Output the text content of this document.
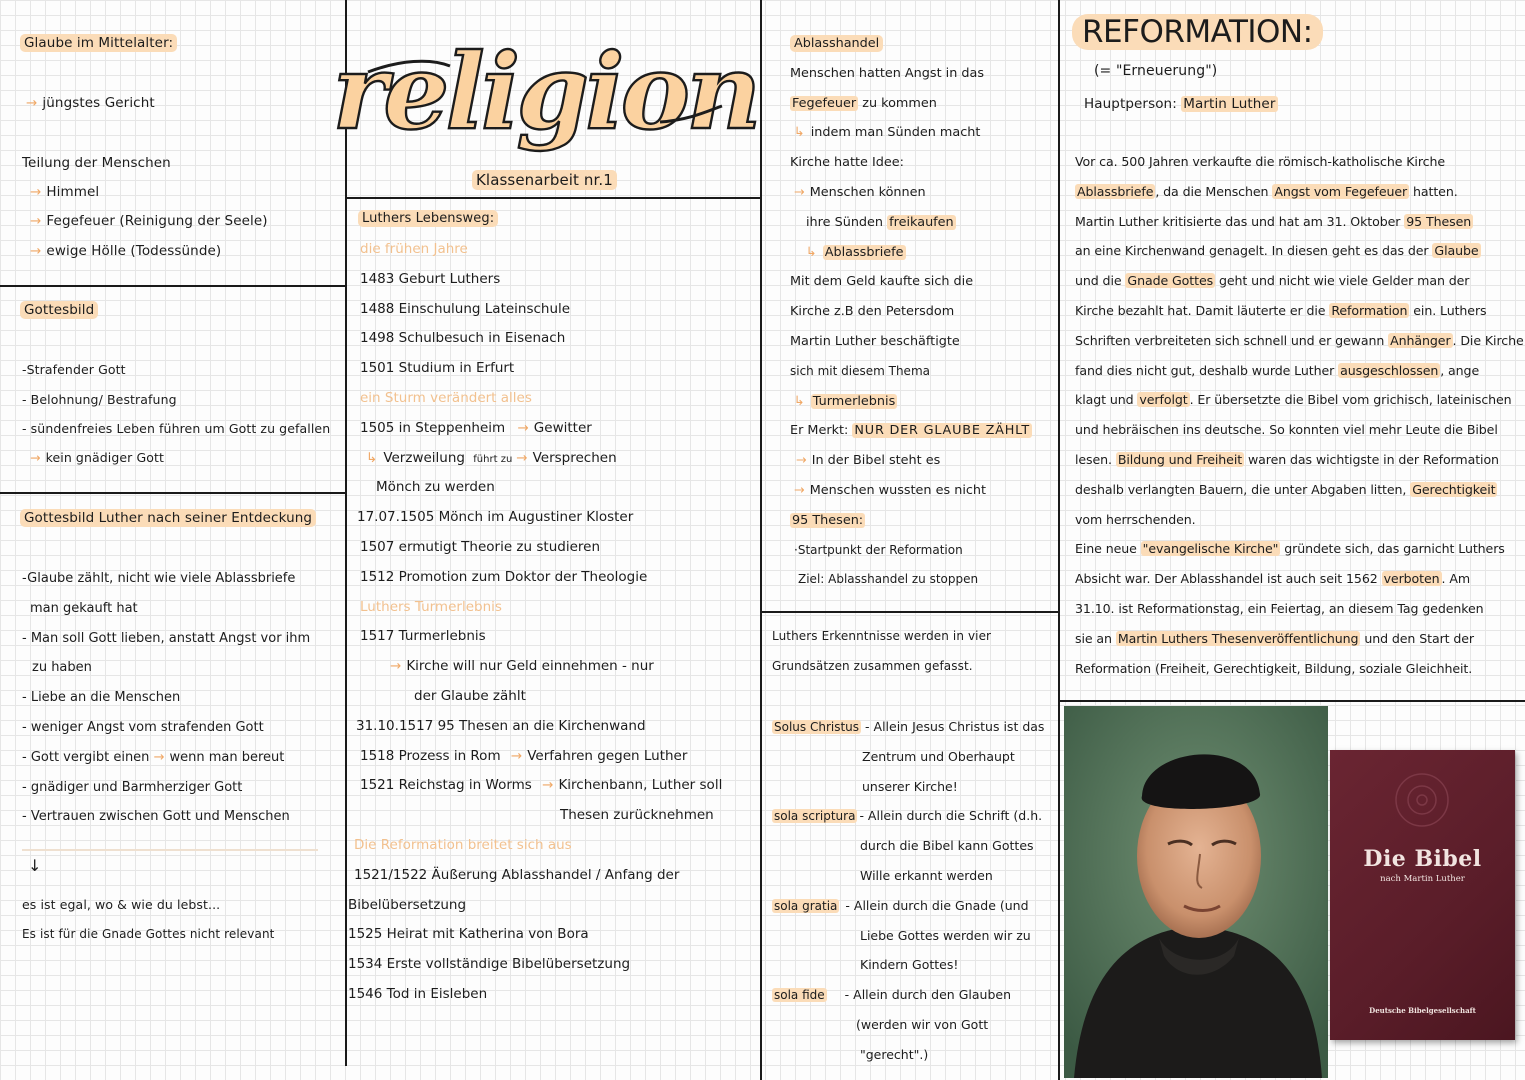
Glaube im Mittelalter:
→ jüngstes Gericht
Teilung der Menschen
→ Himmel
→ Fegefeuer (Reinigung der Seele)
→ ewige Hölle (Todessünde)
Gottesbild
-Strafender Gott
- Belohnung/ Bestrafung
- sündenfreies Leben führen um Gott zu gefallen
→ kein gnädiger Gott
Gottesbild Luther nach seiner Entdeckung
-Glaube zählt, nicht wie viele Ablassbriefe
man gekauft hat
- Man soll Gott lieben, anstatt Angst vor ihm
zu haben
- Liebe an die Menschen
- weniger Angst vom strafenden Gott
- Gott vergibt einen → wenn man bereut
- gnädiger und Barmherziger Gott
- Vertrauen zwischen Gott und Menschen
↓
es ist egal, wo & wie du lebst...
Es ist für die Gnade Gottes nicht relevant
religion
Klassenarbeit nr.1
Luthers Lebensweg:
die frühen Jahre
1483 Geburt Luthers
1488 Einschulung Lateinschule
1498 Schulbesuch in Eisenach
1501 Studium in Erfurt
ein Sturm verändert alles
1505 in Steppenheim → Gewitter
↳ Verzweilung führt zu → Versprechen
Mönch zu werden
17.07.1505 Mönch im Augustiner Kloster
1507 ermutigt Theorie zu studieren
1512 Promotion zum Doktor der Theologie
Luthers Turmerlebnis
1517 Turmerlebnis
→ Kirche will nur Geld einnehmen - nur
der Glaube zählt
31.10.1517 95 Thesen an die Kirchenwand
1518 Prozess in Rom → Verfahren gegen Luther
1521 Reichstag in Worms → Kirchenbann, Luther soll
Thesen zurücknehmen
Die Reformation breitet sich aus
1521/1522 Äußerung Ablasshandel / Anfang der
Bibelübersetzung
1525 Heirat mit Katherina von Bora
1534 Erste vollständige Bibelübersetzung
1546 Tod in Eisleben
Ablasshandel
Menschen hatten Angst in das
Fegefeuer zu kommen
↳ indem man Sünden macht
Kirche hatte Idee:
→ Menschen können
ihre Sünden freikaufen
↳ Ablassbriefe
Mit dem Geld kaufte sich die
Kirche z.B den Petersdom
Martin Luther beschäftigte
sich mit diesem Thema
↳ Turmerlebnis
Er Merkt: NUR DER GLAUBE ZÄHLT
→ In der Bibel steht es
→ Menschen wussten es nicht
95 Thesen:
·Startpunkt der Reformation
Ziel: Ablasshandel zu stoppen
Luthers Erkenntnisse werden in vier
Grundsätzen zusammen gefasst.
Solus Christus - Allein Jesus Christus ist das
Zentrum und Oberhaupt
unserer Kirche!
sola scriptura - Allein durch die Schrift (d.h.
durch die Bibel kann Gottes
Wille erkannt werden
sola gratia - Allein durch die Gnade (und
Liebe Gottes werden wir zu
Kindern Gottes!
sola fide - Allein durch den Glauben
(werden wir von Gott
"gerecht".)
REFORMATION:
(= "Erneuerung")
Hauptperson: Martin Luther
Vor ca. 500 Jahren verkaufte die römisch-katholische Kirche
Ablassbriefe , da die Menschen Angst vom Fegefeuer hatten.
Martin Luther kritisierte das und hat am 31. Oktober 95 Thesen
an eine Kirchenwand genagelt. In diesen geht es das der Glaube
und die Gnade Gottes geht und nicht wie viele Gelder man der
Kirche bezahlt hat. Damit läuterte er die Reformation ein. Luthers
Schriften verbreiteten sich schnell und er gewann Anhänger . Die Kirche
fand dies nicht gut, deshalb wurde Luther ausgeschlossen , ange
klagt und verfolgt . Er übersetzte die Bibel vom grichisch, lateinischen
und hebräischen ins deutsche. So konnten viel mehr Leute die Bibel
lesen. Bildung und Freiheit waren das wichtigste in der Reformation
deshalb verlangten Bauern, die unter Abgaben litten, Gerechtigkeit
vom herrschenden.
Eine neue "evangelische Kirche" gründete sich, das garnicht Luthers
Absicht war. Der Ablasshandel ist auch seit 1562 verboten . Am
31.10. ist Reformationstag, ein Feiertag, an diesem Tag gedenken
sie an Martin Luthers Thesenveröffentlichung und den Start der
Reformation (Freiheit, Gerechtigkeit, Bildung, soziale Gleichheit.
Die Bibel
nach Martin Luther
Deutsche Bibelgesellschaft
